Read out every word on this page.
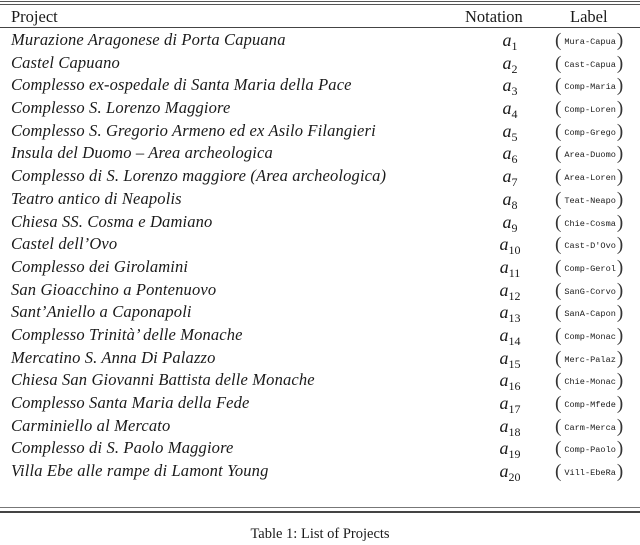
Project	Notation	Label
Murazione Aragonese di Porta Capuana	$a_1$	( Mura-Capua)
Castel Capuano	$a_2$	( Cast-Capua)
Complesso ex-ospedale di Santa Maria della Pace	$a_3$	( Comp-Maria)
Complesso S. Lorenzo Maggiore	$a_4$	( Comp-Loren)
Complesso S. Gregorio Armeno ed ex Asilo Filangieri	$a_5$	( Comp-Grego)
Insula del Duomo – Area archeologica	$a_6$	( Area-Duomo)
Complesso di S. Lorenzo maggiore (Area archeologica)	$a_7$	( Area-Loren)
Teatro antico di Neapolis	$a_8$	( Teat-Neapo)
Chiesa SS. Cosma e Damiano	$a_9$	( Chie-Cosma)
Castel dell’Ovo	$a_{10}$	( Cast-D'Ovo)
Complesso dei Girolamini	$a_{11}$	( Comp-Gerol)
San Gioacchino a Pontenuovo	$a_{12}$	( SanG-Corvo)
Sant’Aniello a Caponapoli	$a_{13}$	( SanA-Capon)
Complesso Trinità’ delle Monache	$a_{14}$	( Comp-Monac)
Mercatino S. Anna Di Palazzo	$a_{15}$	( Merc-Palaz)
Chiesa San Giovanni Battista delle Monache	$a_{16}$	( Chie-Monac)
Complesso Santa Maria della Fede	$a_{17}$	( Comp-Mfede)
Carminiello al Mercato	$a_{18}$	( Carm-Merca)
Complesso di S. Paolo Maggiore	$a_{19}$	( Comp-Paolo)
Villa Ebe alle rampe di Lamont Young	$a_{20}$	( Vill-EbeRa)
Table 1: List of Projects
